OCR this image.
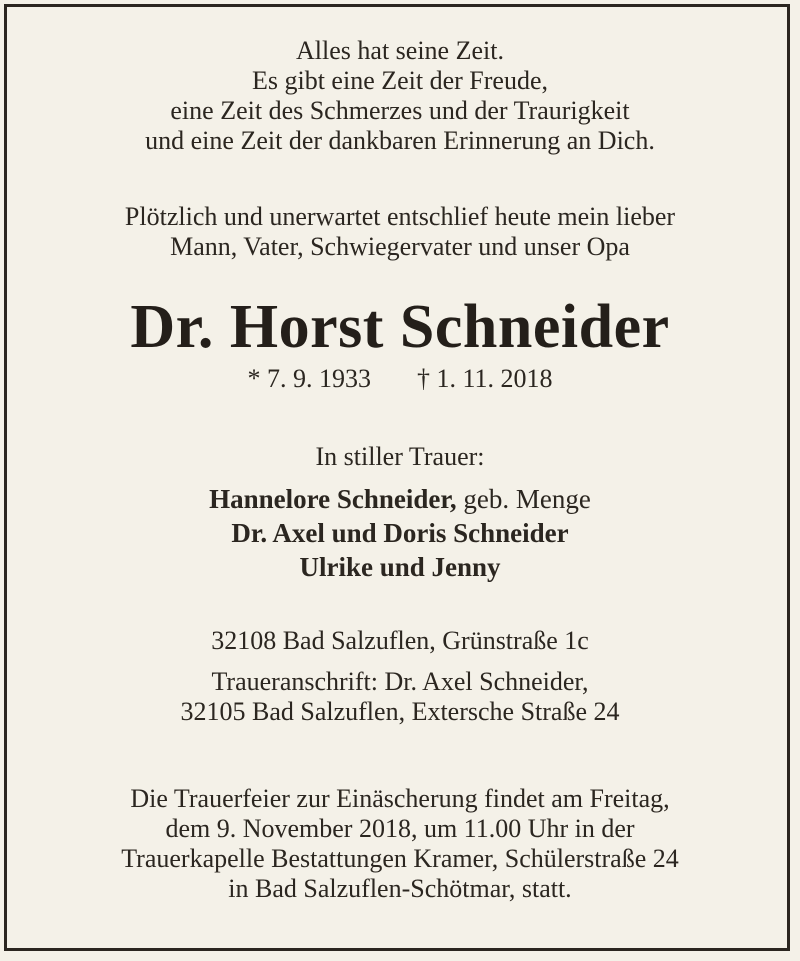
Alles hat seine Zeit.
Es gibt eine Zeit der Freude,
eine Zeit des Schmerzes und der Traurigkeit
und eine Zeit der dankbaren Erinnerung an Dich.
Plötzlich und unerwartet entschlief heute mein lieber
Mann, Vater, Schwiegervater und unser Opa
Dr. Horst Schneider
* 7. 9. 1933 † 1. 11. 2018
In stiller Trauer:
Hannelore Schneider, geb. Menge
Dr. Axel und Doris Schneider
Ulrike und Jenny
32108 Bad Salzuflen, Grünstraße 1c
Traueranschrift: Dr. Axel Schneider,
32105 Bad Salzuflen, Extersche Straße 24
Die Trauerfeier zur Einäscherung findet am Freitag,
dem 9. November 2018, um 11.00 Uhr in der
Trauerkapelle Bestattungen Kramer, Schülerstraße 24
in Bad Salzuflen-Schötmar, statt.
